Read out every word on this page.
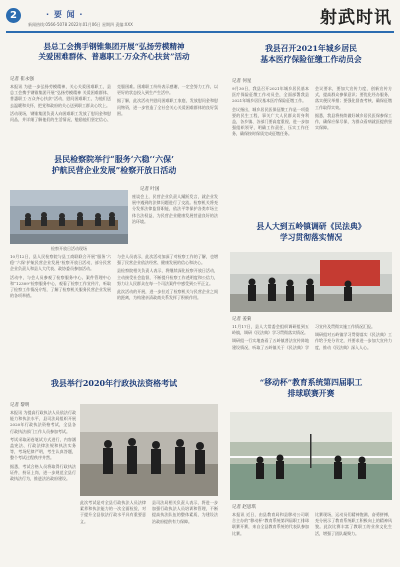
2	· 要 闻 ·
新闻热线:0566-5078 2022年01月06日 星期四 责编:XXX	射武时讯

县总工会携手钢锥集团开展“弘扬劳模精神

关爱困难群体、普惠职工·万众齐心扶贫”活动

记者 崔永强

本报讯 为进一步弘扬劳模精神，关心关爱困难职工，县总工会携手钢锥集团开展“弘扬劳模精神 关爱困难群体、普惠职工·万众齐心扶贫”活动，慰问困难职工，为他们送去温暖和关怀，把党和政府的关心送到职工群众心坎上。

活动现场，钢锥集团负责人向困难职工发放了慰问金和慰问品，并详细了解他们的生活情况，勉励他们坚定信心、克服困难。困难职工纷纷表示感谢，一定会努力工作，以更好的状态投入到生产生活中。

据了解，此次活动共慰问困难职工家庭，发放慰问金和慰问物资，进一步营造了全社会关心关爱困难群体的良好氛围。

我县召开2021年城乡居民

基本医疗保险征缴工作动员会

记者 何星

9月30日，我县召开2021年城乡居民基本医疗保险征缴工作动员会，全面部署我县2021年城乡居民基本医疗保险征缴工作。

会议指出，城乡居民医保征缴工作是一项重要的民生工程，事关广大人民群众切身利益，各乡镇、各部门要高度重视，进一步加强组织领导，明确工作责任，压实工作任务，确保按时保质完成征缴任务。

会议要求，要加大宣传力度，创新宣传方式，提高群众参保意识；要优化经办服务，落实便民举措；要强化督查考核，确保征缴工作取得实效。

据悉，我县将持续做好城乡居民医保参保工作，确保应保尽保，为群众看病就医提供坚实保障。

县民检察院举行“服务‘六稳’‘六保’

护航民营企业发展”检察开放日活动

记者 叶国
检察开放日活动现场

座谈会上，民营企业负责人踊跃发言，就企业发展中遇到的法律问题进行了交流。检察机关将充分发挥法律监督职能，依法平等保护各类市场主体合法权益，为民营企业健康发展营造良好的法治环境。

10月12日，县人民检察院与县工商联联合开展“服务‘六稳’‘六保’护航民营企业发展”检察开放日活动，部分民营企业负责人和县人大代表、政协委员参加活动。

活动中，与会人员参观了检察服务中心、案件管理中心和“12309”检察服务中心，观看了检察工作宣传片，听取了检察工作情况介绍，了解了检察机关服务民营企业发展的各项举措。

与会人员表示，此次活动加深了对检察工作的了解，也增强了民营企业依法经营、健康发展的信心和决心。

县检察院相关负责人表示，将继续深化检察开放日活动，主动接受社会监督，不断提升检察工作透明度和公信力，努力让人民群众在每一个司法案件中感受到公平正义。

此次活动的开展，进一步拉近了检察机关与民营企业之间的距离，为构建亲清政商关系发挥了积极作用。

县人大到五岭镇调研《民法典》

学习贯彻落实情况

记者 姜菊

11月17日，县人大常委会组织调研组到五岭镇，调研《民法典》学习贯彻落实情况。

调研组一行实地查看了五岭镇普法宣传阵地建设情况，听取了五岭镇关于《民法典》学习宣传及贯彻实施工作情况汇报。

调研组对五岭镇学习贯彻落实《民法典》工作给予充分肯定，并要求进一步加大宣传力度，推动《民法典》深入人心。

我县举行2020年行政执法资格考试

记者 黎明

本报讯 为提高行政执法人员依法行政能力和执法水平，县司法局组织开展2020年行政执法资格考试，全县各行政执法部门工作人员参加考试。

考试采取闭卷笔试方式进行，内容涵盖宪法、行政法律法规和执法实务等，考场纪律严明，考生认真答题，整个考试过程秩序井然。

据悉，考试合格人员将取得行政执法证件，持证上岗，进一步规范全县行政执法行为，推进法治政府建设。

此次考试是对全县行政执法人员法律素养和执法能力的一次全面检验，对于提升全县依法行政水平具有重要意义。

县司法局相关负责人表示，将进一步加强行政执法人员培训和管理，不断提高执法队伍的整体素质，为建设法治政府提供有力保障。

“移动杯”教育系统第四届职工

排球联赛开赛

记者 赵思琪

本报讯 近日，由县教育局和县移动公司联合主办的“移动杯”教育系统第四届职工排球联赛开赛，来自全县教育系统的代表队参加比赛。

比赛现场，运动员们精神饱满，奋勇拼搏，充分展示了教育系统职工积极向上的精神风貌。此次比赛丰富了教职工的业余文化生活，增强了团队凝聚力。
